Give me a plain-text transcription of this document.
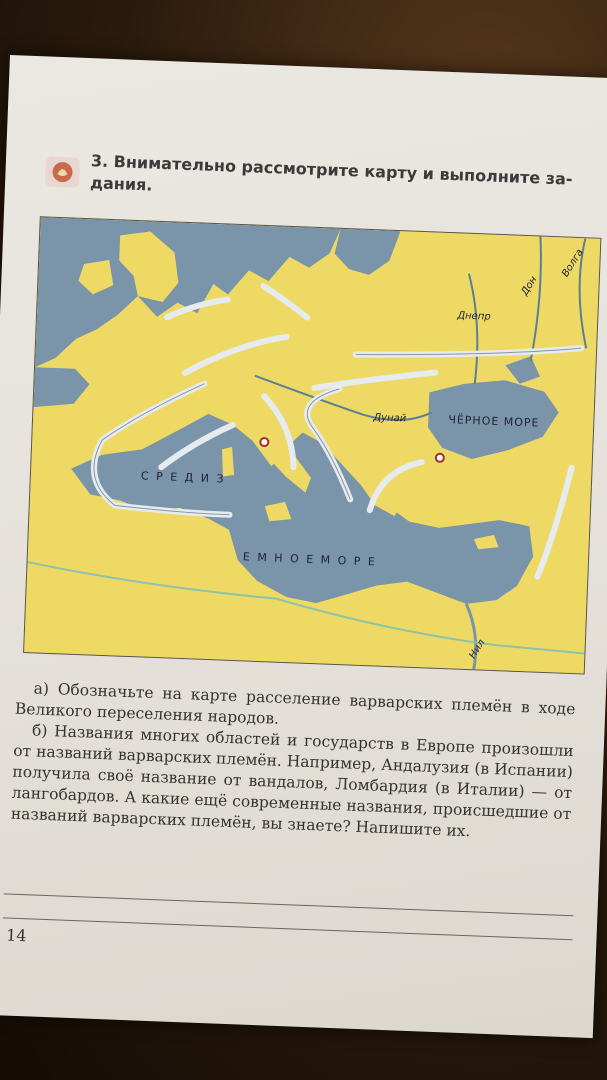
3. Внимательно рассмотрите карту и выполните за-дания.
ЧЁРНОЕ МОРЕ
С Р Е Д И З
Е М Н О Е М О Р Е
Дунай
Днепр
Дон
Волга
Нил

а) Обозначьте на карте расселение варварских племён в ходе Великого переселения народов.

б) Названия многих областей и государств в Европе произошли от названий варварских племён. Например, Андалузия (в Испании) получила своё название от вандалов, Ломбардия (в Италии) — от лангобардов. А какие ещё современные названия, происшедшие от названий варварских племён, вы знаете? Напишите их.

14
